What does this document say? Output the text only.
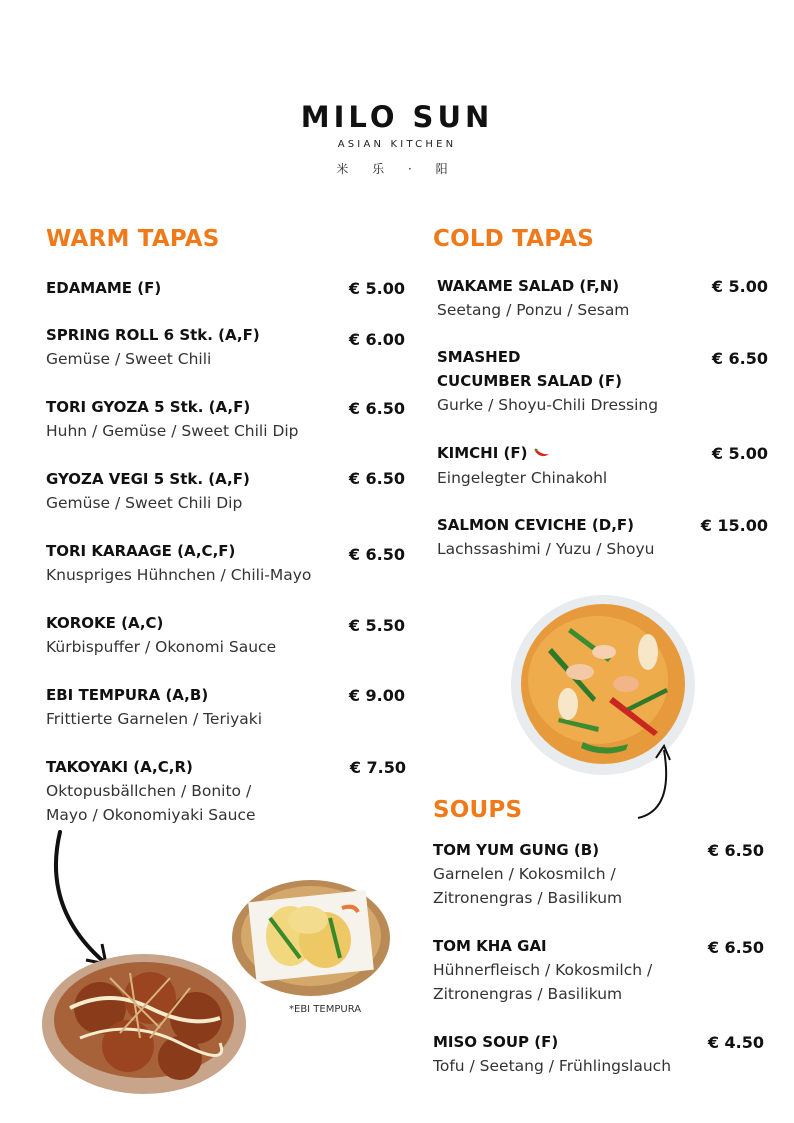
MILO SUN
ASIAN KITCHEN
米 乐 · 阳
WARM TAPAS
EDAMAME (F)	€ 5.00
SPRING ROLL 6 Stk. (A,F)
Gemüse / Sweet Chili
€ 6.00
TORI GYOZA 5 Stk. (A,F)
Huhn / Gemüse / Sweet Chili Dip
€ 6.50
GYOZA VEGI 5 Stk. (A,F)
Gemüse / Sweet Chili Dip
€ 6.50
TORI KARAAGE (A,C,F)
Knuspriges Hühnchen / Chili-Mayo
€ 6.50
KOROKE (A,C)
Kürbispuffer / Okonomi Sauce
€ 5.50
EBI TEMPURA (A,B)
Frittierte Garnelen / Teriyaki
€ 9.00
TAKOYAKI (A,C,R)
Oktopusbällchen / Bonito /
Mayo / Okonomiyaki Sauce
€ 7.50
COLD TAPAS
WAKAME SALAD (F,N)
Seetang / Ponzu / Sesam
€ 5.00
SMASHED
CUCUMBER SALAD (F)
Gurke / Shoyu-Chili Dressing
€ 6.50
KIMCHI (F)
Eingelegter Chinakohl
€ 5.00
SALMON CEVICHE (D,F)
Lachssashimi / Yuzu / Shoyu
€ 15.00
SOUPS
TOM YUM GUNG (B)
Garnelen / Kokosmilch /
Zitronengras / Basilikum
€ 6.50
TOM KHA GAI
Hühnerfleisch / Kokosmilch /
Zitronengras / Basilikum
€ 6.50
MISO SOUP (F)
Tofu / Seetang / Frühlingslauch
€ 4.50
*EBI TEMPURA
